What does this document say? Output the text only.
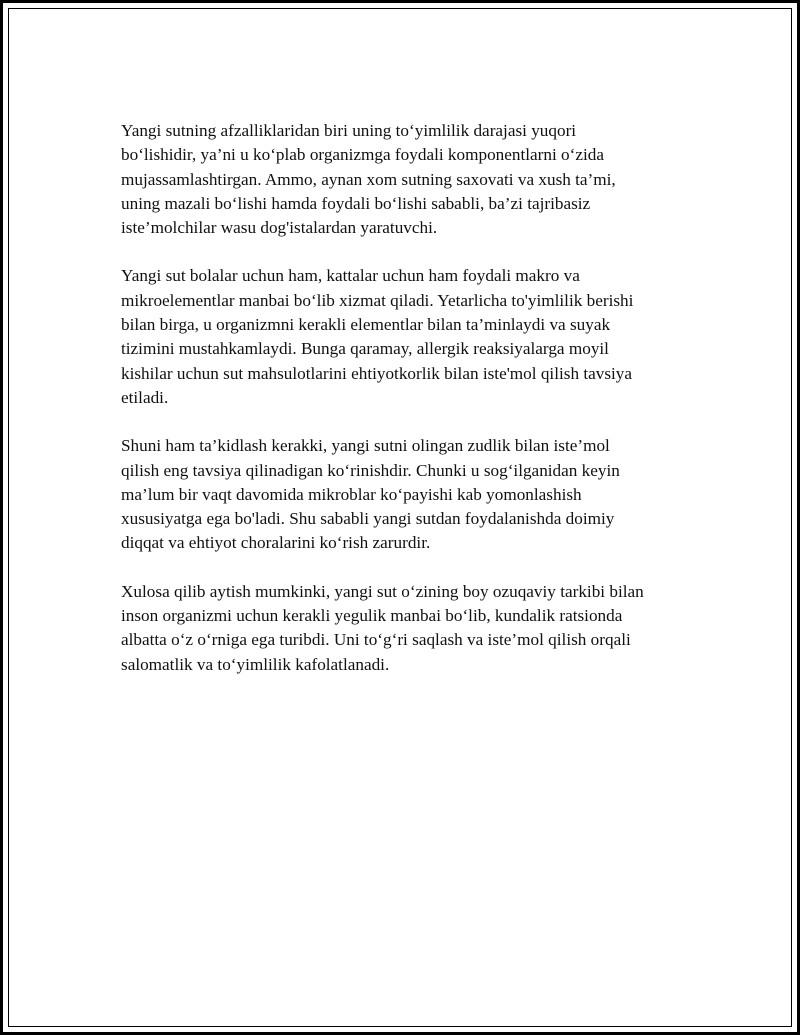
Yangi sutning afzalliklaridan biri uning to‘yimlilik darajasi yuqori
bo‘lishidir, ya’ni u ko‘plab organizmga foydali komponentlarni o‘zida
mujassamlashtirgan. Ammo, aynan xom sutning saxovati va xush ta’mi,
uning mazali bo‘lishi hamda foydali bo‘lishi sababli, ba’zi tajribasiz
iste’molchilar wasu dog'istalardan yaratuvchi.

Yangi sut bolalar uchun ham, kattalar uchun ham foydali makro va
mikroelementlar manbai bo‘lib xizmat qiladi. Yetarlicha to'yimlilik berishi
bilan birga, u organizmni kerakli elementlar bilan ta’minlaydi va suyak
tizimini mustahkamlaydi. Bunga qaramay, allergik reaksiyalarga moyil
kishilar uchun sut mahsulotlarini ehtiyotkorlik bilan iste'mol qilish tavsiya
etiladi.

Shuni ham ta’kidlash kerakki, yangi sutni olingan zudlik bilan iste’mol
qilish eng tavsiya qilinadigan ko‘rinishdir. Chunki u sog‘ilganidan keyin
ma’lum bir vaqt davomida mikroblar ko‘payishi kab yomonlashish
xususiyatga ega bo'ladi. Shu sababli yangi sutdan foydalanishda doimiy
diqqat va ehtiyot choralarini ko‘rish zarurdir.

Xulosa qilib aytish mumkinki, yangi sut o‘zining boy ozuqaviy tarkibi bilan
inson organizmi uchun kerakli yegulik manbai bo‘lib, kundalik ratsionda
albatta o‘z o‘rniga ega turibdi. Uni to‘g‘ri saqlash va iste’mol qilish orqali
salomatlik va to‘yimlilik kafolatlanadi.
